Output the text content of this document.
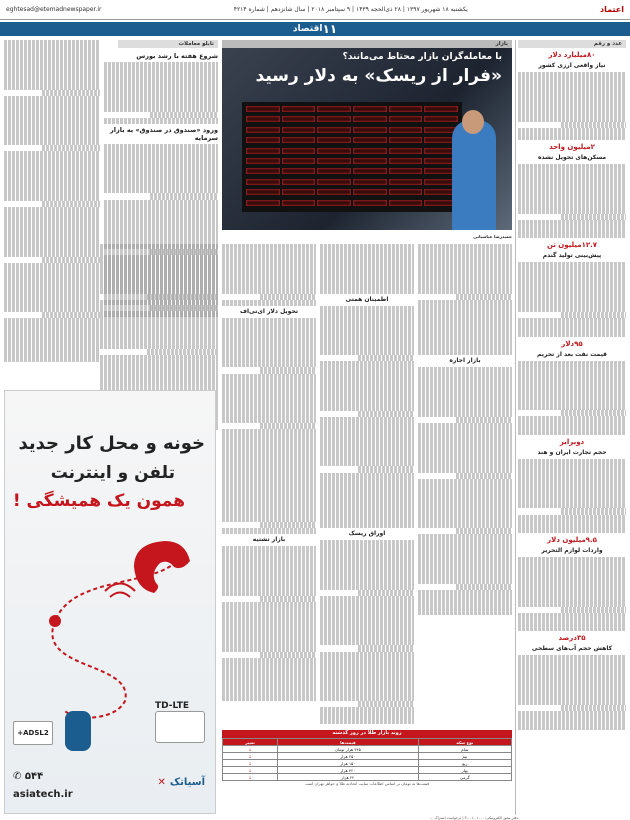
اعتماد
یکشنبه ۱۸ شهریور ۱۳۹۷ | ۲۸ ذی‌الحجه ۱۴۳۹ | ۹ سپتامبر ۲۰۱۸ | سال شانزدهم | شماره ۴۲۱۴
eghtesad@etemadnewspaper.ir
اقتصاد ۱۱
عدد و رقم
۸۰میلیارد دلار
نیاز واقعی ارزی کشور
۲میلیون واحد
مسکن‌های تحویل نشده
۱۲.۷میلیون تن
پیش‌بینی تولید گندم
۹۵دلار
قیمت نفت بعد از تحریم
دوبرابر
حجم تجارت ایران و هند
۹.۵میلیون دلار
واردات لوازم التحریر
۳۵درصد
کاهش حجم آب‌های سطحی
بازار
با معامله‌گران بازار محتاط می‌مانند؟
«فرار از ریسک» به دلار رسید
حمیدرضا عباسیانی
بازار اجاره
اطمینان همتی
اوراق ریسک
تحویل دلار ای‌تی‌اف
بازار تشتیه
روند بازار طلا در روز گذشته
نوع سکه	قیمت‌ها	تغییر
تمام	۴۴۵ هزار تومان	↓
نیم	۲۵۰ هزار	↓
ربع	۱۵۰ هزار	↓
بهار	۴۲۰ هزار	↓
گرمی	۲۲ هزار	↓
قیمت‌ها به تومان بر اساس اطلاعات سایت اتحادیه طلا و جواهر تهران است
تابلو معاملات
شروع هفته با رشد بورس
ورود «صندوق در صندوق» به بازار سرمایه
خونه و محل کار جدید
تلفن و اینترنت
همون یک همیشگی !
TD-LTE
ADSL2+
آسیاتک
✕
✆ ۵۴۴
asiatech.ir
دفتر مجوز الکترونیکی: ۰۱۰۰۰-۰۰۱-۴ | درخواست اشتراک ...
